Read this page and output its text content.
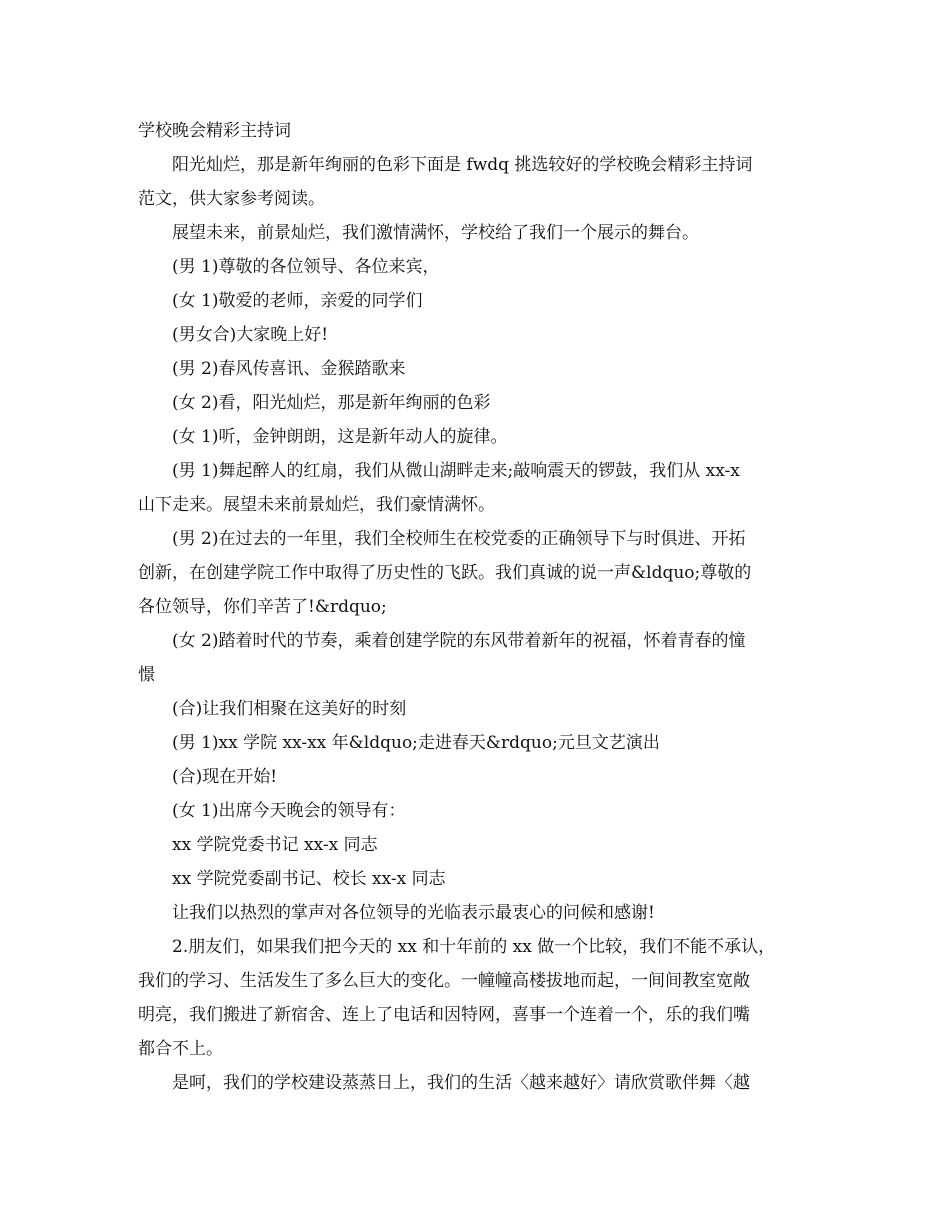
学校晚会精彩主持词
阳光灿烂，那是新年绚丽的色彩下面是 fwdq 挑选较好的学校晚会精彩主持词
范文，供大家参考阅读。
展望未来，前景灿烂，我们激情满怀，学校给了我们一个展示的舞台。
(男 1)尊敬的各位领导、各位来宾，
(女 1)敬爱的老师，亲爱的同学们
(男女合)大家晚上好!
(男 2)春风传喜讯、金猴踏歌来
(女 2)看，阳光灿烂，那是新年绚丽的色彩
(女 1)听，金钟朗朗，这是新年动人的旋律。
(男 1)舞起醉人的红扇，我们从微山湖畔走来;敲响震天的锣鼓，我们从 xx-x
山下走来。展望未来前景灿烂，我们豪情满怀。
(男 2)在过去的一年里，我们全校师生在校党委的正确领导下与时俱进、开拓
创新，在创建学院工作中取得了历史性的飞跃。我们真诚的说一声&ldquo;尊敬的
各位领导，你们辛苦了!&rdquo;
(女 2)踏着时代的节奏，乘着创建学院的东风带着新年的祝福，怀着青春的憧
憬
(合)让我们相聚在这美好的时刻
(男 1)xx 学院 xx-xx 年&ldquo;走进春天&rdquo;元旦文艺演出
(合)现在开始!
(女 1)出席今天晚会的领导有：
xx 学院党委书记 xx-x 同志
xx 学院党委副书记、校长 xx-x 同志
让我们以热烈的掌声对各位领导的光临表示最衷心的问候和感谢!
2.朋友们，如果我们把今天的 xx 和十年前的 xx 做一个比较，我们不能不承认，
我们的学习、生活发生了多么巨大的变化。一幢幢高楼拔地而起，一间间教室宽敞
明亮，我们搬进了新宿舍、连上了电话和因特网，喜事一个连着一个，乐的我们嘴
都合不上。
是呵，我们的学校建设蒸蒸日上，我们的生活〈越来越好〉请欣赏歌伴舞〈越
